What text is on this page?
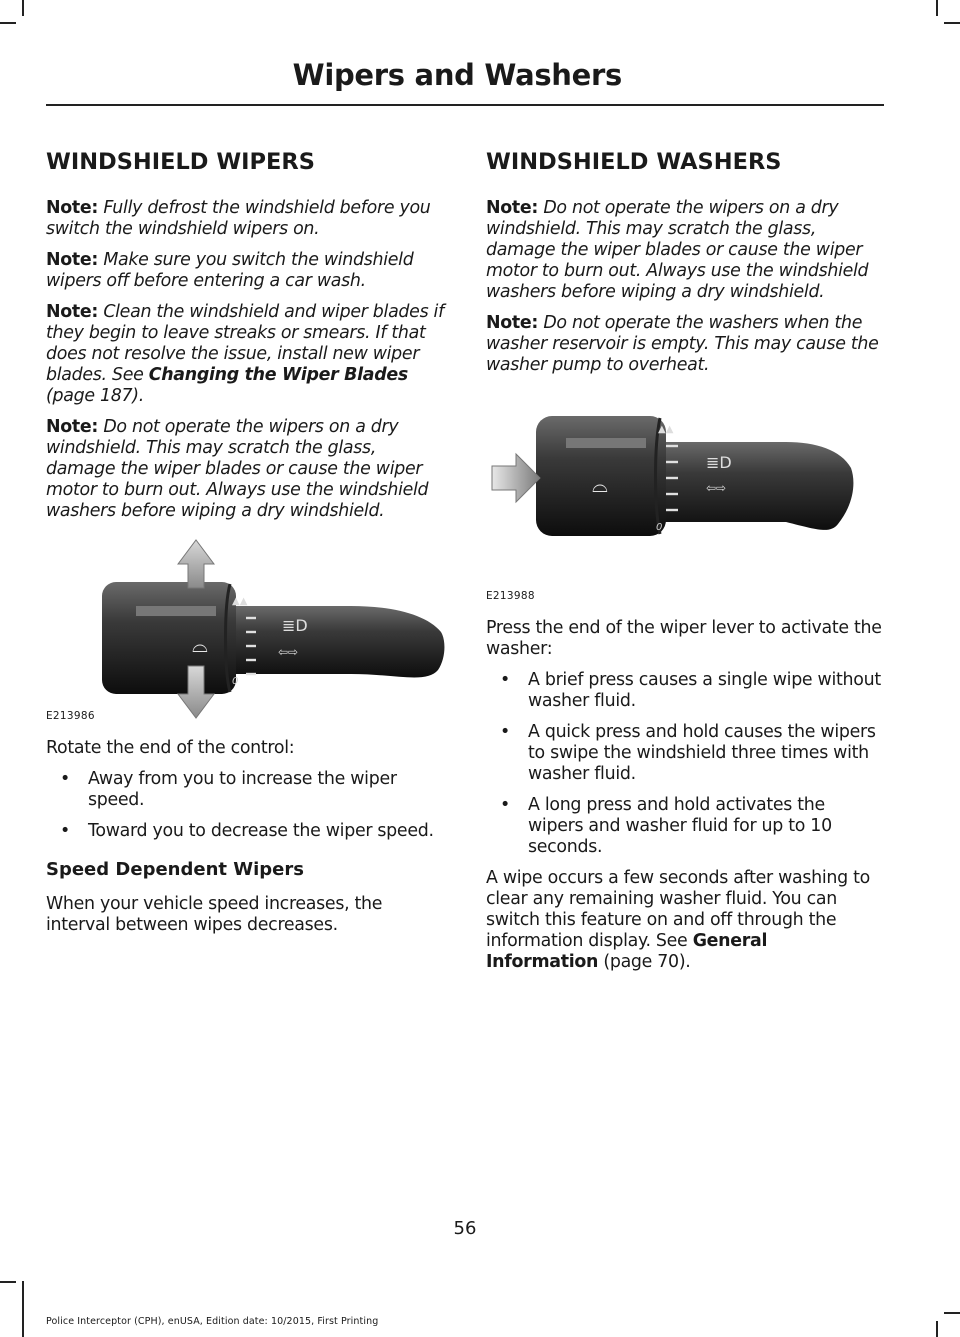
Wipers and Washers
WINDSHIELD WIPERS

Note: Fully defrost the windshield before you switch the windshield wipers on.

Note: Make sure you switch the windshield wipers off before entering a car wash.

Note: Clean the windshield and wiper blades if they begin to leave streaks or smears. If that does not resolve the issue, install new wiper blades. See Changing the Wiper Blades (page 187).

Note: Do not operate the wipers on a dry windshield. This may scratch the glass, damage the wiper blades or cause the wiper motor to burn out. Always use the windshield washers before wiping a dry windshield.

▲▲
0
⌓
≣D
⇦⇨
E213986

Rotate the end of the control:

• Away from you to increase the wiper speed.
• Toward you to decrease the wiper speed.
Speed Dependent Wipers

When your vehicle speed increases, the interval between wipes decreases.

WINDSHIELD WASHERS

Note: Do not operate the wipers on a dry windshield. This may scratch the glass, damage the wiper blades or cause the wiper motor to burn out. Always use the windshield washers before wiping a dry windshield.

Note: Do not operate the washers when the washer reservoir is empty. This may cause the washer pump to overheat.

▲▲
0
⌓
≣D
⇦⇨
E213988

Press the end of the wiper lever to activate the washer:

• A brief press causes a single wipe without washer fluid.
• A quick press and hold causes the wipers to swipe the windshield three times with washer fluid.
• A long press and hold activates the wipers and washer fluid for up to 10 seconds.

A wipe occurs a few seconds after washing to clear any remaining washer fluid. You can switch this feature on and off through the information display. See General Information (page 70).

56
Police Interceptor (CPH), enUSA, Edition date: 10/2015, First Printing
